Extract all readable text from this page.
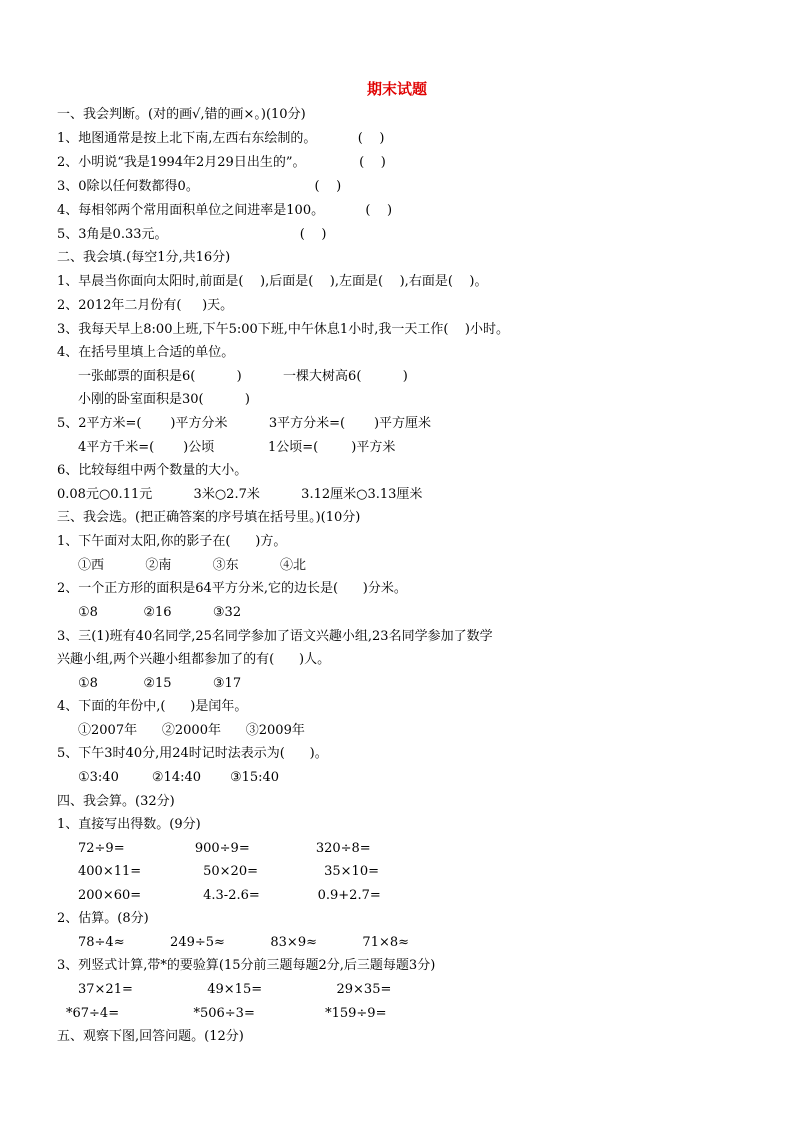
期末试题
一、我会判断。(对的画√,错的画×。)(10分)
1、地图通常是按上北下南,左西右东绘制的。          (    )
2、小明说“我是1994年2月29日出生的”。             (    )
3、0除以任何数都得0。                            (    )
4、每相邻两个常用面积单位之间进率是100。          (    )
5、3角是0.33元。                                (    )
二、我会填.(每空1分,共16分)
1、早晨当你面向太阳时,前面是(    ),后面是(    ),左面是(    ),右面是(    )。
2、2012年二月份有(     )天。
3、我每天早上8:00上班,下午5:00下班,中午休息1小时,我一天工作(    )小时。
4、在括号里填上合适的单位。
一张邮票的面积是6(          )          一棵大树高6(          )
小刚的卧室面积是30(          )
5、2平方米=(       )平方分米          3平方分米=(       )平方厘米
4平方千米=(       )公顷             1公顷=(        )平方米
6、比较每组中两个数量的大小。
0.08元○0.11元          3米○2.7米          3.12厘米○3.13厘米
三、我会选。(把正确答案的序号填在括号里。)(10分)
1、下午面对太阳,你的影子在(      )方。
①西          ②南          ③东          ④北
2、一个正方形的面积是64平方分米,它的边长是(      )分米。
①8           ②16          ③32
3、三(1)班有40名同学,25名同学参加了语文兴趣小组,23名同学参加了数学
兴趣小组,两个兴趣小组都参加了的有(      )人。
①8           ②15          ③17
4、下面的年份中,(      )是闰年。
①2007年      ②2000年      ③2009年
5、下午3时40分,用24时记时法表示为(      )。
①3:40        ②14:40       ③15:40
四、我会算。(32分)
1、直接写出得数。(9分)
72÷9=                 900÷9=                320÷8=
400×11=               50×20=                35×10=
200×60=               4.3-2.6=              0.9+2.7=
2、估算。(8分)
78÷4≈           249÷5≈           83×9≈           71×8≈
3、列竖式计算,带*的要验算(15分前三题每题2分,后三题每题3分)
37×21=                  49×15=                  29×35=
*67÷4=                  *506÷3=                 *159÷9=
五、观察下图,回答问题。(12分)
